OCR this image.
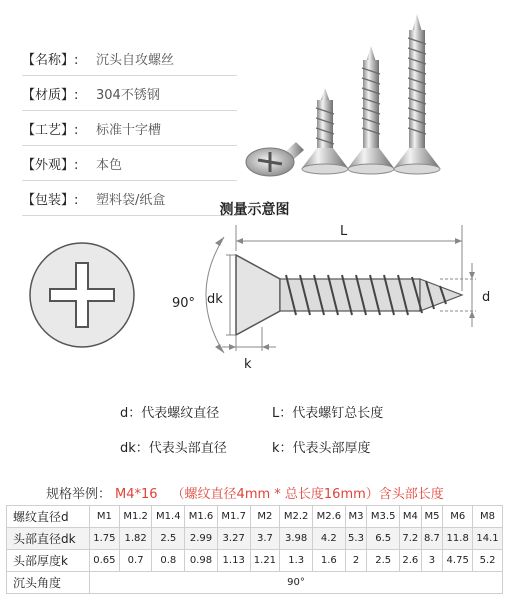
【名称】:	沉头自攻螺丝
【材质】:	304不锈钢
【工艺】:	标准十字槽
【外观】:	本色
【包装】:	塑料袋/纸盒
测量示意图
90° dk
L
d
k
d：代表螺纹直径	L：代表螺钉总长度
dk：代表头部直径	k：代表头部厚度
规格举例： M4*16 （螺纹直径4mm * 总长度16mm）含头部长度
螺纹直径d	M1	M1.2	M1.4	M1.6	M1.7	M2	M2.2	M2.6	M3	M3.5	M4	M5	M6	M8
头部直径dk	1.75	1.82	2.5	2.99	3.27	3.7	3.98	4.2	5.3	6.5	7.2	8.7	11.8	14.1
头部厚度k	0.65	0.7	0.8	0.98	1.13	1.21	1.3	1.6	2	2.5	2.6	3	4.75	5.2
沉头角度	90°													
